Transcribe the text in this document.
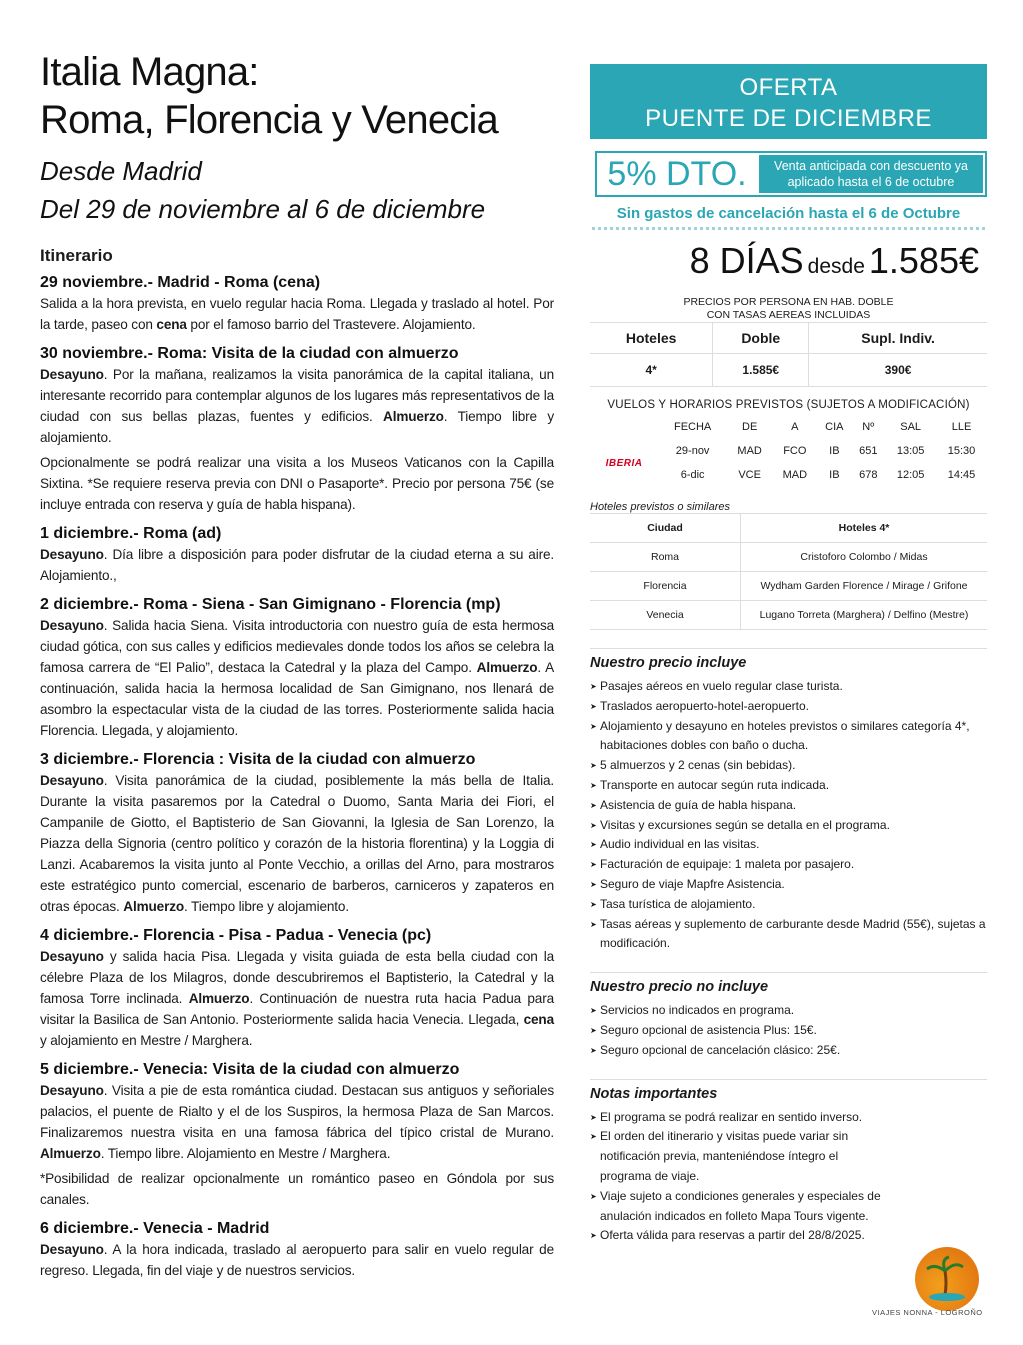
Italia Magna:
Roma, Florencia y Venecia

Desde Madrid

Del 29 de noviembre al 6 de diciembre

Itinerario
29 noviembre.- Madrid - Roma (cena)

Salida a la hora prevista, en vuelo regular hacia Roma. Llegada y traslado al hotel. Por la tarde, paseo con cena por el famoso barrio del Trastevere. Alojamiento.

30 noviembre.- Roma: Visita de la ciudad con almuerzo

Desayuno. Por la mañana, realizamos la visita panorámica de la capital italiana, un interesante recorrido para contemplar algunos de los lugares más representativos de la ciudad con sus bellas plazas, fuentes y edificios. Almuerzo. Tiempo libre y alojamiento.

Opcionalmente se podrá realizar una visita a los Museos Vaticanos con la Capilla Sixtina. *Se requiere reserva previa con DNI o Pasaporte*. Precio por persona 75€ (se incluye entrada con reserva y guía de habla hispana).

1 diciembre.- Roma (ad)

Desayuno. Día libre a disposición para poder disfrutar de la ciudad eterna a su aire. Alojamiento.,

2 diciembre.- Roma - Siena - San Gimignano - Florencia (mp)

Desayuno. Salida hacia Siena. Visita introductoria con nuestro guía de esta hermosa ciudad gótica, con sus calles y edificios medievales donde todos los años se celebra la famosa carrera de “El Palio”, destaca la Catedral y la plaza del Campo. Almuerzo. A continuación, salida hacia la hermosa localidad de San Gimignano, nos llenará de asombro la espectacular vista de la ciudad de las torres. Posteriormente salida hacia Florencia. Llegada, y alojamiento.

3 diciembre.- Florencia : Visita de la ciudad con almuerzo

Desayuno. Visita panorámica de la ciudad, posiblemente la más bella de Italia. Durante la visita pasaremos por la Catedral o Duomo, Santa Maria dei Fiori, el Campanile de Giotto, el Baptisterio de San Giovanni, la Iglesia de San Lorenzo, la Piazza della Signoria (centro político y corazón de la historia florentina) y la Loggia di Lanzi. Acabaremos la visita junto al Ponte Vecchio, a orillas del Arno, para mostraros este estratégico punto comercial, escenario de barberos, carniceros y zapateros en otras épocas. Almuerzo. Tiempo libre y alojamiento.

4 diciembre.- Florencia - Pisa - Padua - Venecia (pc)

Desayuno y salida hacia Pisa. Llegada y visita guiada de esta bella ciudad con la célebre Plaza de los Milagros, donde descubriremos el Baptisterio, la Catedral y la famosa Torre inclinada. Almuerzo. Continuación de nuestra ruta hacia Padua para visitar la Basilica de San Antonio. Posteriormente salida hacia Venecia. Llegada, cena y alojamiento en Mestre / Marghera.

5 diciembre.- Venecia: Visita de la ciudad con almuerzo

Desayuno. Visita a pie de esta romántica ciudad. Destacan sus antiguos y señoriales palacios, el puente de Rialto y el de los Suspiros, la hermosa Plaza de San Marcos. Finalizaremos nuestra visita en una famosa fábrica del típico cristal de Murano. Almuerzo. Tiempo libre. Alojamiento en Mestre / Marghera.

*Posibilidad de realizar opcionalmente un romántico paseo en Góndola por sus canales.

6 diciembre.- Venecia - Madrid

Desayuno. A la hora indicada, traslado al aeropuerto para salir en vuelo regular de regreso. Llegada, fin del viaje y de nuestros servicios.

OFERTA
PUENTE DE DICIEMBRE
5% DTO.	Venta anticipada con descuento ya aplicado hasta el 6 de octubre
Sin gastos de cancelación hasta el 6 de Octubre
8 DÍAS desde 1.585€
PRECIOS POR PERSONA EN HAB. DOBLE
CON TASAS AEREAS INCLUIDAS
Hoteles	Doble	Supl. Indiv.
4*	1.585€	390€
VUELOS Y HORARIOS PREVISTOS (SUJETOS A MODIFICACIÓN)
	FECHA	DE	A	CIA	Nº	SAL	LLE
IBERIA	29-nov	MAD	FCO	IB	651	13:05	15:30
	6-dic	VCE	MAD	IB	678	12:05	14:45
Hoteles previstos o similares
Ciudad	Hoteles 4*
Roma	Cristoforo Colombo / Midas
Florencia	Wydham Garden Florence / Mirage / Grifone
Venecia	Lugano Torreta (Marghera) / Delfino (Mestre)
Nuestro precio incluye
➤ Pasajes aéreos en vuelo regular clase turista.
➤ Traslados aeropuerto-hotel-aeropuerto.
➤ Alojamiento y desayuno en hoteles previstos o similares categoría 4*, habitaciones dobles con baño o ducha.
➤ 5 almuerzos y 2 cenas (sin bebidas).
➤ Transporte en autocar según ruta indicada.
➤ Asistencia de guía de habla hispana.
➤ Visitas y excursiones según se detalla en el programa.
➤ Audio individual en las visitas.
➤ Facturación de equipaje: 1 maleta por pasajero.
➤ Seguro de viaje Mapfre Asistencia.
➤ Tasa turística de alojamiento.
➤ Tasas aéreas y suplemento de carburante desde Madrid (55€), sujetas a modificación.
Nuestro precio no incluye
➤ Servicios no indicados en programa.
➤ Seguro opcional de asistencia Plus: 15€.
➤ Seguro opcional de cancelación clásico: 25€.
Notas importantes
➤ El programa se podrá realizar en sentido inverso.
➤ El orden del itinerario y visitas puede variar sin notificación previa, manteniéndose íntegro el programa de viaje.
➤ Viaje sujeto a condiciones generales y especiales de anulación indicados en folleto Mapa Tours vigente.
➤ Oferta válida para reservas a partir del 28/8/2025.
VIAJES NONNA - LOGROÑO
